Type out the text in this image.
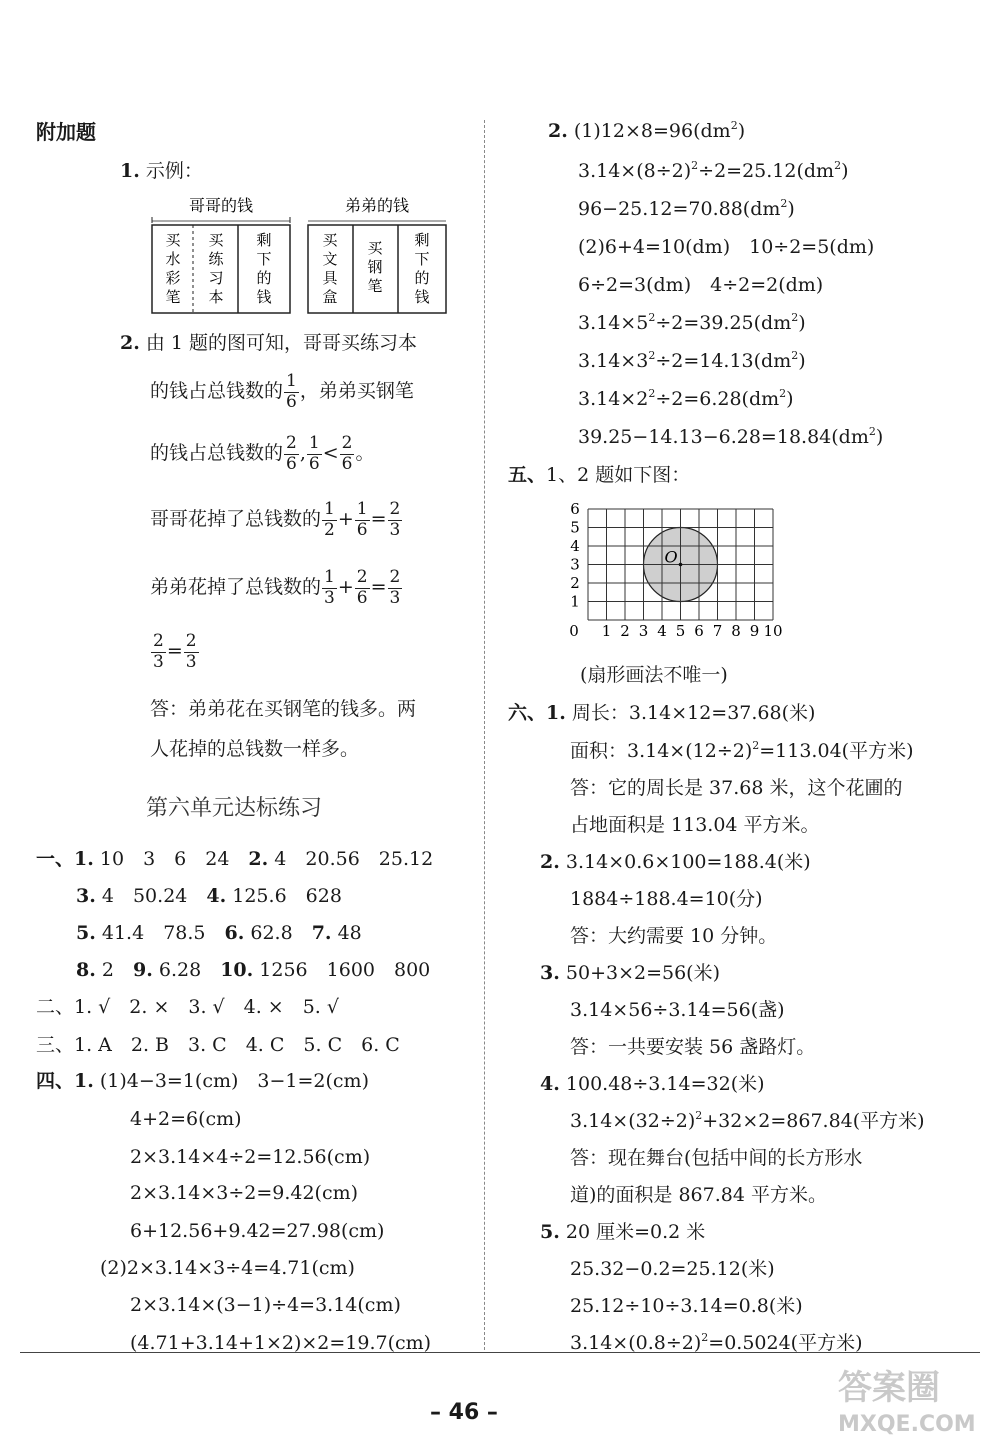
附加题
1. 示例：
哥哥的钱	弟弟的钱
买水彩笔
买练习本
剩下的钱
买文具盒
买钢笔
剩下的钱
2. 由 1 题的图可知，哥哥买练习本
的钱占总钱数的 $\frac{1}{6}$ ，弟弟买钢笔
的钱占总钱数的 $\frac{2}{6}$ , $\frac{1}{6} < \frac{2}{6}$ 。
哥哥花掉了总钱数的 $\frac{1}{2} + \frac{1}{6} = \frac{2}{3}$
弟弟花掉了总钱数的 $\frac{1}{3} + \frac{2}{6} = \frac{2}{3}$
$\frac{2}{3} = \frac{2}{3}$
答：弟弟花在买钢笔的钱多。两
人花掉的总钱数一样多。
第六单元达标练习
一、1. 10　3　6　24　2. 4　20.56　25.12
3. 4　50.24　4. 125.6　628
5. 41.4　78.5　6. 62.8　7. 48
8. 2　9. 6.28　10. 1256　1600　800
二、1. √　2. ×　3. √　4. ×　5. √
三、1. A　2. B　3. C　4. C　5. C　6. C
四、1. (1)4−3=1(cm)　3−1=2(cm)
4+2=6(cm)
2×3.14×4÷2=12.56(cm)
2×3.14×3÷2=9.42(cm)
6+12.56+9.42=27.98(cm)
(2)2×3.14×3÷4=4.71(cm)
2×3.14×(3−1)÷4=3.14(cm)
(4.71+3.14+1×2)×2=19.7(cm)
2. $(1)12\times 8=96(dm^2)$
$3.14\times(8\div 2)^2\div 2=25.12(dm^2)$
$96-25.12=70.88(dm^2)$
(2)6+4=10(dm)　10÷2=5(dm)
6÷2=3(dm)　4÷2=2(dm)
$3.14\times 5^2\div 2=39.25(dm^2)$
$3.14\times 3^2\div 2=14.13(dm^2)$
$3.14\times 2^2\div 2=6.28(dm^2)$
$39.25-14.13-6.28=18.84(dm^2)$
五、1、2 题如下图：
O
0 1 2 3 4 5 6 7 8 9 10
1
2
3
4
5
6
(扇形画法不唯一)
六、1. 周长：3.14×12=37.68(米)
面积：$3.14\times(12\div 2)^2=113.04$(平方米)
答：它的周长是 37.68 米，这个花圃的
占地面积是 113.04 平方米。
2. 3.14×0.6×100=188.4(米)
1884÷188.4=10(分)
答：大约需要 10 分钟。
3. 50+3×2=56(米)
3.14×56÷3.14=56(盏)
答：一共要安装 56 盏路灯。
4. 100.48÷3.14=32(米)
$3.14\times(32\div 2)^2+32\times 2=867.84$(平方米)
答：现在舞台(包括中间的长方形水
道)的面积是 867.84 平方米。
5. 20 厘米=0.2 米
25.32−0.2=25.12(米)
25.12÷10÷3.14=0.8(米)
$3.14\times(0.8\div 2)^2=0.5024$(平方米)
– 46 –
答案圈
MXQE.COM
